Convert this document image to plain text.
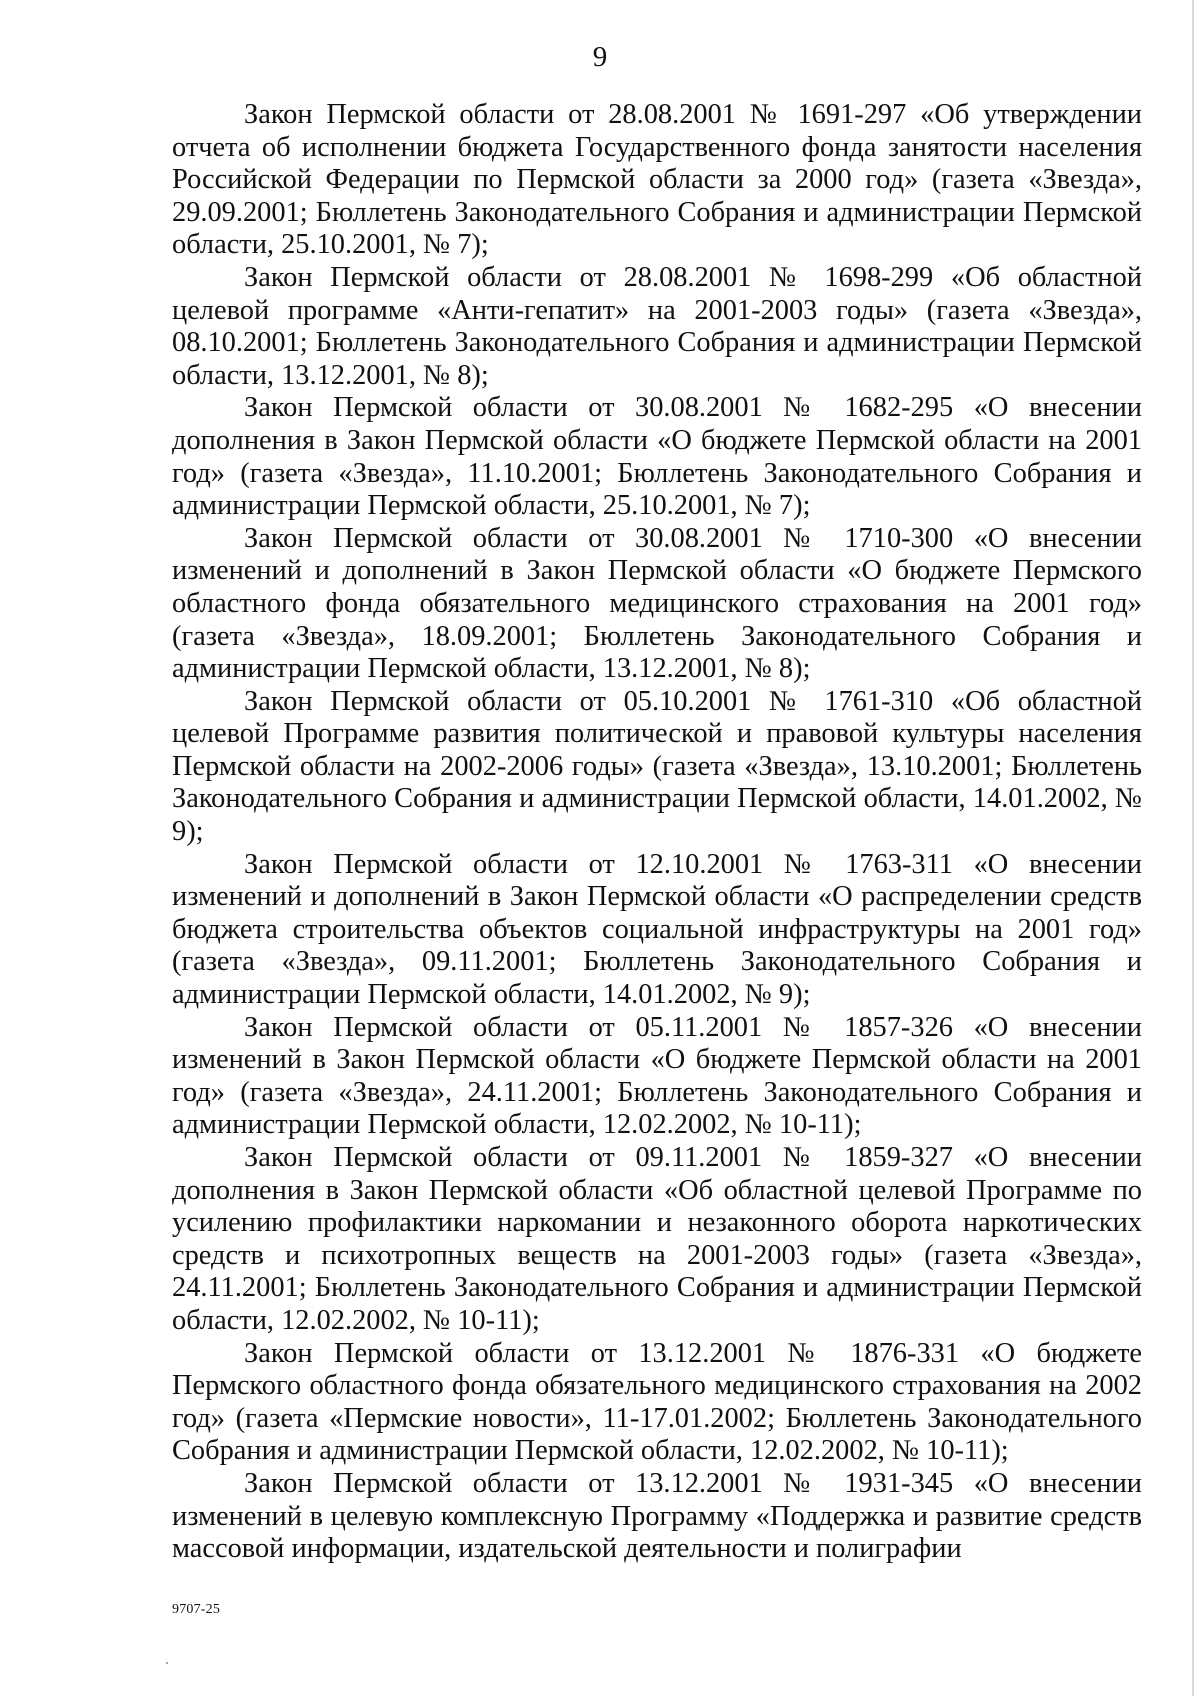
9

Закон Пермской области от 28.08.2001 № 1691-297 «Об утверждении отчета об исполнении бюджета Государственного фонда занятости населения Российской Федерации по Пермской области за 2000 год» (газета «Звезда», 29.09.2001; Бюллетень Законодательного Собрания и администрации Пермской области, 25.10.2001, № 7);

Закон Пермской области от 28.08.2001 № 1698-299 «Об областной целевой программе «Анти-гепатит» на 2001-2003 годы» (газета «Звезда», 08.10.2001; Бюллетень Законодательного Собрания и администрации Пермской области, 13.12.2001, № 8);

Закон Пермской области от 30.08.2001 № 1682-295 «О внесении дополнения в Закон Пермской области «О бюджете Пермской области на 2001 год» (газета «Звезда», 11.10.2001; Бюллетень Законодательного Собрания и администрации Пермской области, 25.10.2001, № 7);

Закон Пермской области от 30.08.2001 № 1710-300 «О внесении изменений и дополнений в Закон Пермской области «О бюджете Пермского областного фонда обязательного медицинского страхования на 2001 год» (газета «Звезда», 18.09.2001; Бюллетень Законодательного Собрания и администрации Пермской области, 13.12.2001, № 8);

Закон Пермской области от 05.10.2001 № 1761-310 «Об областной целевой Программе развития политической и правовой культуры населения Пермской области на 2002-2006 годы» (газета «Звезда», 13.10.2001; Бюллетень Законодательного Собрания и администрации Пермской области, 14.01.2002, № 9);

Закон Пермской области от 12.10.2001 № 1763-311 «О внесении изменений и дополнений в Закон Пермской области «О распределении средств бюджета строительства объектов социальной инфраструктуры на 2001 год» (газета «Звезда», 09.11.2001; Бюллетень Законодательного Собрания и администрации Пермской области, 14.01.2002, № 9);

Закон Пермской области от 05.11.2001 № 1857-326 «О внесении изменений в Закон Пермской области «О бюджете Пермской области на 2001 год» (газета «Звезда», 24.11.2001; Бюллетень Законодательного Собрания и администрации Пермской области, 12.02.2002, № 10-11);

Закон Пермской области от 09.11.2001 № 1859-327 «О внесении дополнения в Закон Пермской области «Об областной целевой Программе по усилению профилактики наркомании и незаконного оборота наркотических средств и психотропных веществ на 2001-2003 годы» (газета «Звезда», 24.11.2001; Бюллетень Законодательного Собрания и администрации Пермской области, 12.02.2002, № 10-11);

Закон Пермской области от 13.12.2001 № 1876-331 «О бюджете Пермского областного фонда обязательного медицинского страхования на 2002 год» (газета «Пермские новости», 11-17.01.2002; Бюллетень Законодательного Собрания и администрации Пермской области, 12.02.2002, № 10-11);

Закон Пермской области от 13.12.2001 № 1931-345 «О внесении изменений в целевую комплексную Программу «Поддержка и развитие средств массовой информации, издательской деятельности и полиграфии

9707-25
